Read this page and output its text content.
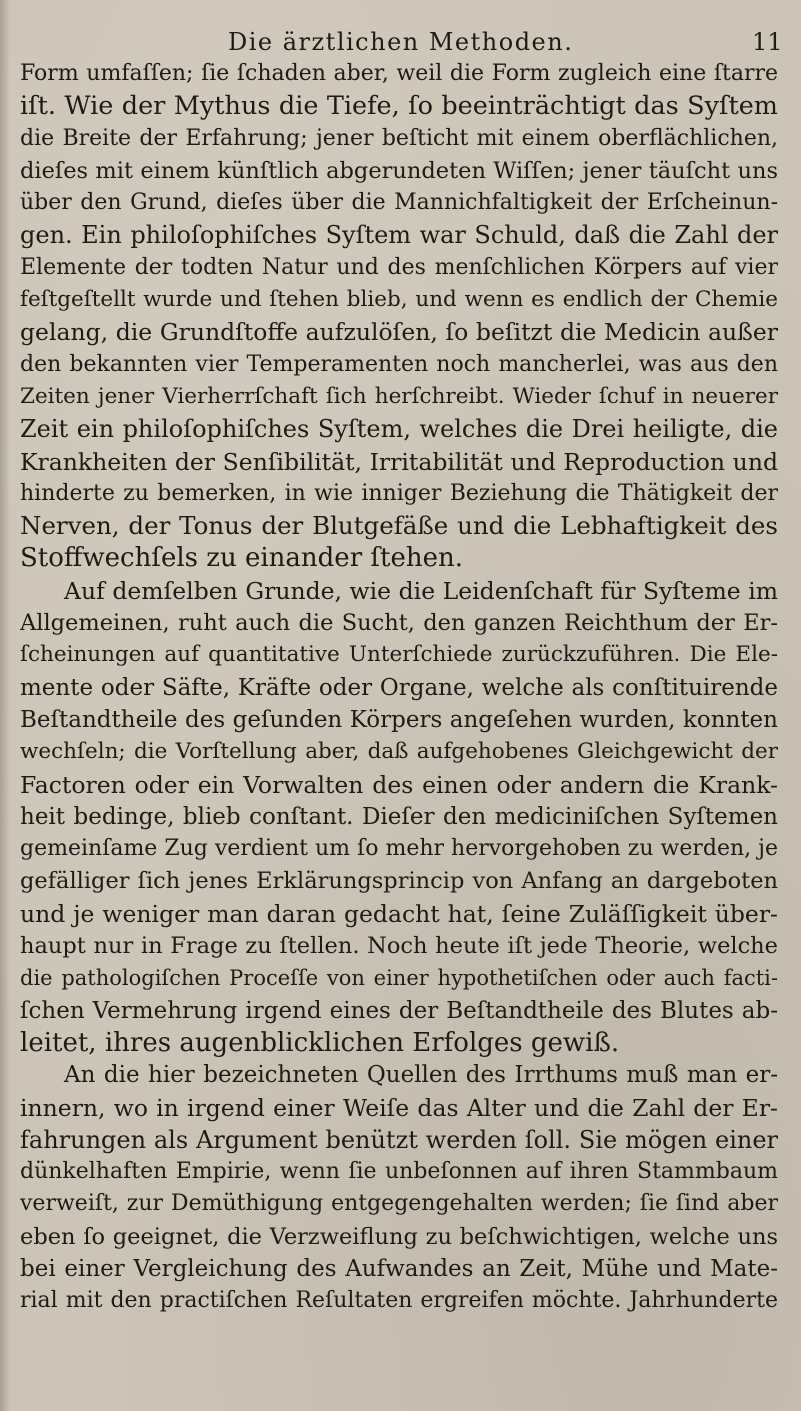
Die ärztlichen Methoden.	11
Form umfaſſen; ſie ſchaden aber, weil die Form zugleich eine ſtarre
iſt. Wie der Mythus die Tiefe, ſo beeinträchtigt das Syſtem
die Breite der Erfahrung; jener beſticht mit einem oberflächlichen,
dieſes mit einem künſtlich abgerundeten Wiſſen; jener täuſcht uns
über den Grund, dieſes über die Mannichfaltigkeit der Erſcheinun-
gen. Ein philoſophiſches Syſtem war Schuld, daß die Zahl der
Elemente der todten Natur und des menſchlichen Körpers auf vier
feſtgeſtellt wurde und ſtehen blieb, und wenn es endlich der Chemie
gelang, die Grundſtoffe aufzulöſen, ſo beſitzt die Medicin außer
den bekannten vier Temperamenten noch mancherlei, was aus den
Zeiten jener Vierherrſchaft ſich herſchreibt. Wieder ſchuf in neuerer
Zeit ein philoſophiſches Syſtem, welches die Drei heiligte, die
Krankheiten der Senſibilität, Irritabilität und Reproduction und
hinderte zu bemerken, in wie inniger Beziehung die Thätigkeit der
Nerven, der Tonus der Blutgefäße und die Lebhaftigkeit des
Stoffwechſels zu einander ſtehen.
Auf demſelben Grunde, wie die Leidenſchaft für Syſteme im
Allgemeinen, ruht auch die Sucht, den ganzen Reichthum der Er-
ſcheinungen auf quantitative Unterſchiede zurückzuführen. Die Ele-
mente oder Säfte, Kräfte oder Organe, welche als conſtituirende
Beſtandtheile des geſunden Körpers angeſehen wurden, konnten
wechſeln; die Vorſtellung aber, daß aufgehobenes Gleichgewicht der
Factoren oder ein Vorwalten des einen oder andern die Krank-
heit bedinge, blieb conſtant. Dieſer den mediciniſchen Syſtemen
gemeinſame Zug verdient um ſo mehr hervorgehoben zu werden, je
gefälliger ſich jenes Erklärungsprincip von Anfang an dargeboten
und je weniger man daran gedacht hat, ſeine Zuläſſigkeit über-
haupt nur in Frage zu ſtellen. Noch heute iſt jede Theorie, welche
die pathologiſchen Proceſſe von einer hypothetiſchen oder auch facti-
ſchen Vermehrung irgend eines der Beſtandtheile des Blutes ab-
leitet, ihres augenblicklichen Erfolges gewiß.
An die hier bezeichneten Quellen des Irrthums muß man er-
innern, wo in irgend einer Weiſe das Alter und die Zahl der Er-
fahrungen als Argument benützt werden ſoll. Sie mögen einer
dünkelhaften Empirie, wenn ſie unbeſonnen auf ihren Stammbaum
verweiſt, zur Demüthigung entgegengehalten werden; ſie ſind aber
eben ſo geeignet, die Verzweiflung zu beſchwichtigen, welche uns
bei einer Vergleichung des Aufwandes an Zeit, Mühe und Mate-
rial mit den practiſchen Reſultaten ergreifen möchte. Jahrhunderte
